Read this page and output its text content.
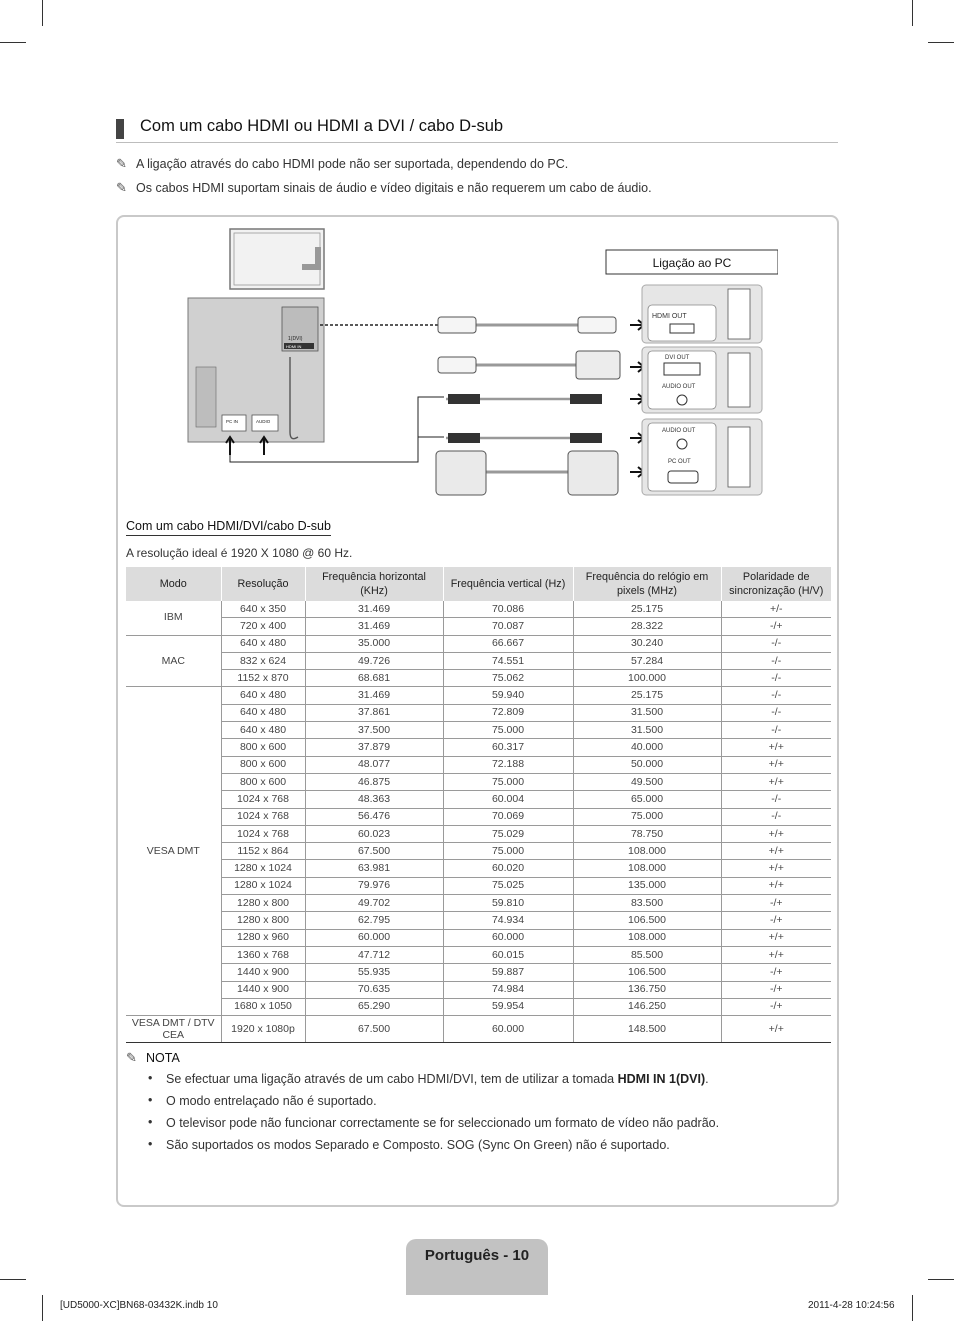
Com um cabo HDMI ou HDMI a DVI / cabo D-sub
✎ A ligação através do cabo HDMI pode não ser suportada, dependendo do PC.
✎ Os cabos HDMI suportam sinais de áudio e vídeo digitais e não requerem um cabo de áudio.
1(DVI)
HDMI IN
PC IN	AUDIO
Ligação ao PC
HDMI OUT
DVI OUT
AUDIO OUT
AUDIO OUT
PC OUT
Com um cabo HDMI/DVI/cabo D-sub
A resolução ideal é 1920 X 1080 @ 60 Hz.
Modo	Resolução	Frequência horizontal (KHz)	Frequência vertical (Hz)	Frequência do relógio em pixels (MHz)	Polaridade de sincronização (H/V)
IBM	640 x 350	31.469	70.086	25.175	+/-
	720 x 400	31.469	70.087	28.322	-/+
MAC	640 x 480	35.000	66.667	30.240	-/-
	832 x 624	49.726	74.551	57.284	-/-
	1152 x 870	68.681	75.062	100.000	-/-
VESA DMT	640 x 480	31.469	59.940	25.175	-/-
	640 x 480	37.861	72.809	31.500	-/-
	640 x 480	37.500	75.000	31.500	-/-
	800 x 600	37.879	60.317	40.000	+/+
	800 x 600	48.077	72.188	50.000	+/+
	800 x 600	46.875	75.000	49.500	+/+
	1024 x 768	48.363	60.004	65.000	-/-
	1024 x 768	56.476	70.069	75.000	-/-
	1024 x 768	60.023	75.029	78.750	+/+
	1152 x 864	67.500	75.000	108.000	+/+
	1280 x 1024	63.981	60.020	108.000	+/+
	1280 x 1024	79.976	75.025	135.000	+/+
	1280 x 800	49.702	59.810	83.500	-/+
	1280 x 800	62.795	74.934	106.500	-/+
	1280 x 960	60.000	60.000	108.000	+/+
	1360 x 768	47.712	60.015	85.500	+/+
	1440 x 900	55.935	59.887	106.500	-/+
	1440 x 900	70.635	74.984	136.750	-/+
	1680 x 1050	65.290	59.954	146.250	-/+
VESA DMT / DTV CEA	1920 x 1080p	67.500	60.000	148.500	+/+
✎ NOTA
• Se efectuar uma ligação através de um cabo HDMI/DVI, tem de utilizar a tomada HDMI IN 1(DVI).
• O modo entrelaçado não é suportado.
• O televisor pode não funcionar correctamente se for seleccionado um formato de vídeo não padrão.
• São suportados os modos Separado e Composto. SOG (Sync On Green) não é suportado.
Português - 10
[UD5000-XC]BN68-03432K.indb 10	2011-4-28 10:24:56
